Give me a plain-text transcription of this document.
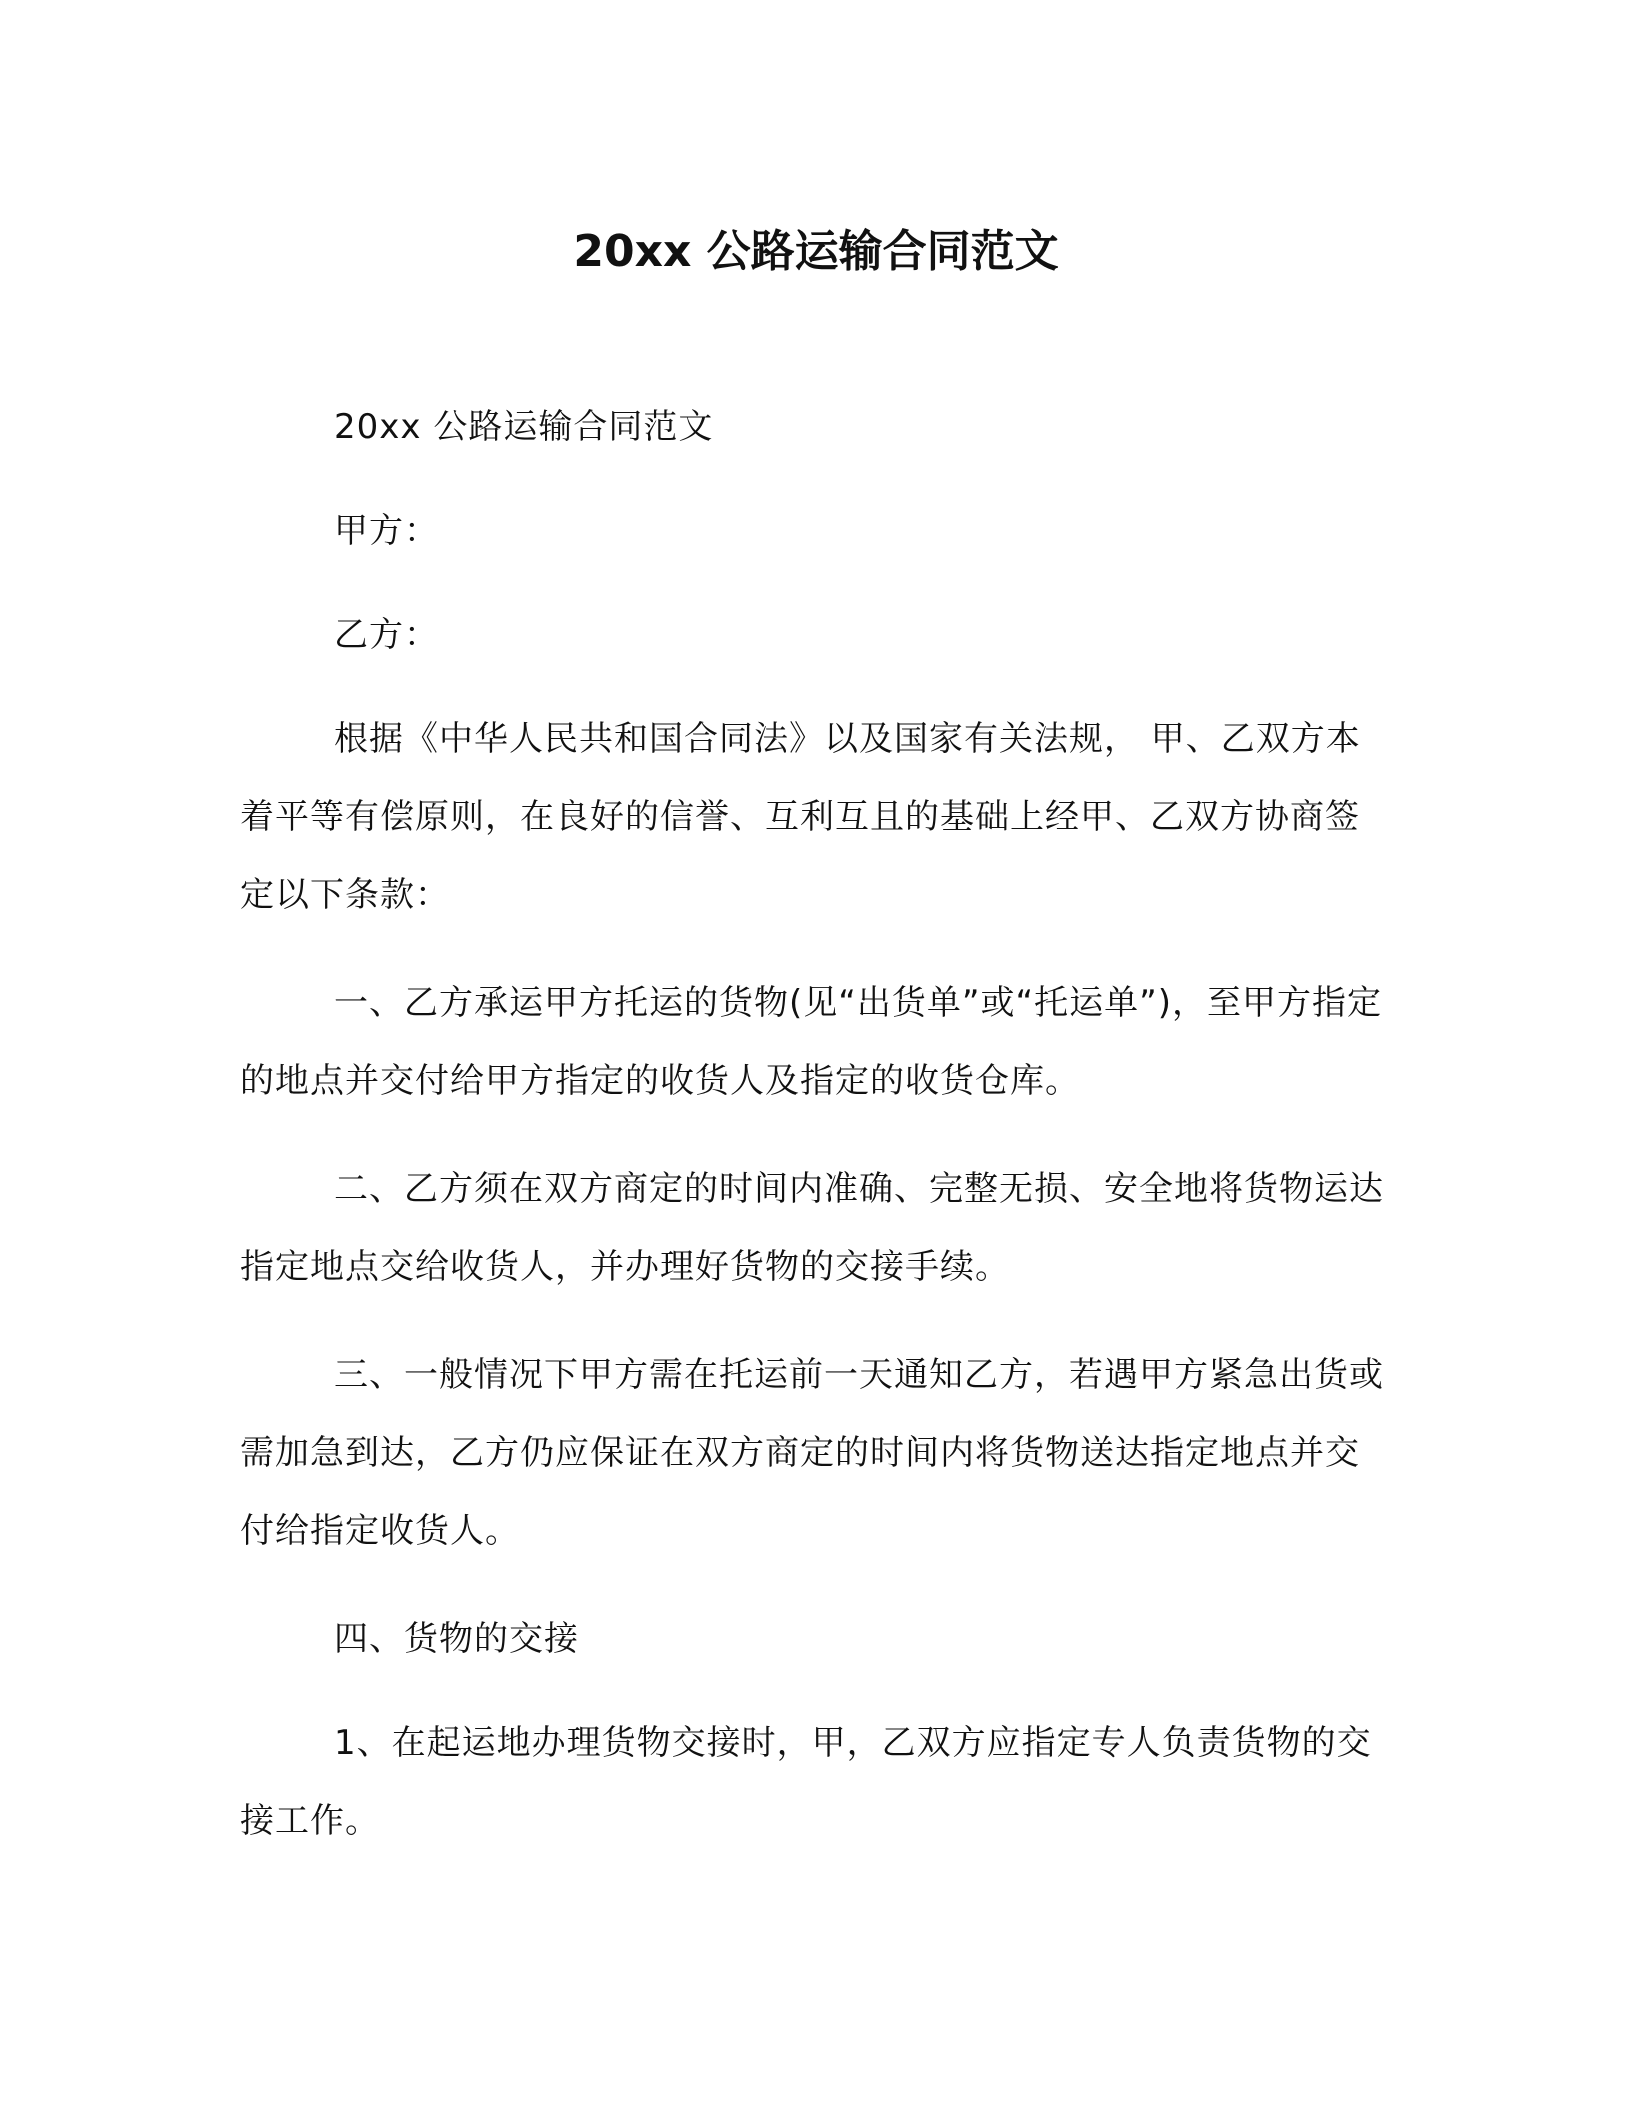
20xx 公路运输合同范文

20xx 公路运输合同范文

甲方：

乙方：

根据《中华人民共和国合同法》以及国家有关法规， 甲、乙双方本着平等有偿原则，在良好的信誉、互利互且的基础上经甲、乙双方协商签定以下条款：

一、乙方承运甲方托运的货物(见“出货单”或“托运单”)，至甲方指定的地点并交付给甲方指定的收货人及指定的收货仓库。

二、乙方须在双方商定的时间内准确、完整无损、安全地将货物运达指定地点交给收货人，并办理好货物的交接手续。

三、一般情况下甲方需在托运前一天通知乙方，若遇甲方紧急出货或需加急到达，乙方仍应保证在双方商定的时间内将货物送达指定地点并交付给指定收货人。

四、货物的交接

1、在起运地办理货物交接时，甲，乙双方应指定专人负责货物的交接工作。
